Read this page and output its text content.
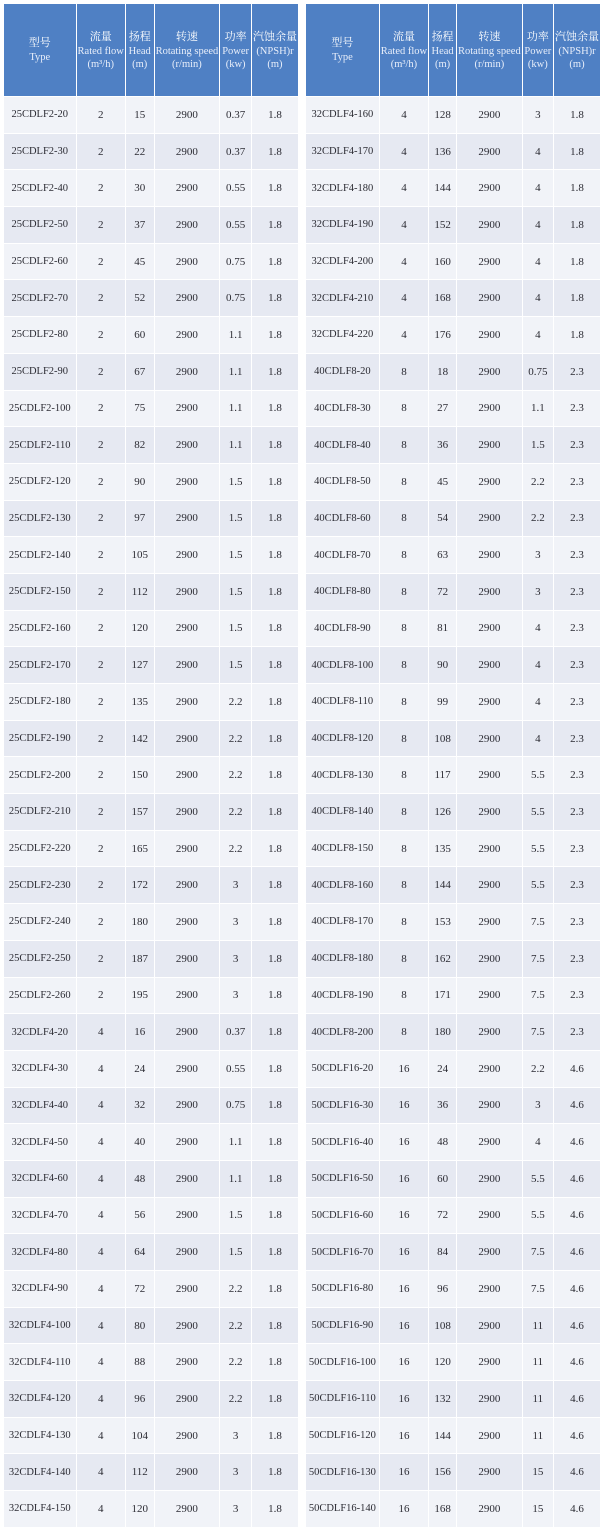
型号
Type	流量
Rated flow
(m³/h)	扬程
Head
(m)	转速
Rotating speed
(r/min)	功率
Power
(kw)	汽蚀余量
(NPSH)r
(m)

25CDLF2-20	2	15	2900	0.37	1.8
25CDLF2-30	2	22	2900	0.37	1.8
25CDLF2-40	2	30	2900	0.55	1.8
25CDLF2-50	2	37	2900	0.55	1.8
25CDLF2-60	2	45	2900	0.75	1.8
25CDLF2-70	2	52	2900	0.75	1.8
25CDLF2-80	2	60	2900	1.1	1.8
25CDLF2-90	2	67	2900	1.1	1.8
25CDLF2-100	2	75	2900	1.1	1.8
25CDLF2-110	2	82	2900	1.1	1.8
25CDLF2-120	2	90	2900	1.5	1.8
25CDLF2-130	2	97	2900	1.5	1.8
25CDLF2-140	2	105	2900	1.5	1.8
25CDLF2-150	2	112	2900	1.5	1.8
25CDLF2-160	2	120	2900	1.5	1.8
25CDLF2-170	2	127	2900	1.5	1.8
25CDLF2-180	2	135	2900	2.2	1.8
25CDLF2-190	2	142	2900	2.2	1.8
25CDLF2-200	2	150	2900	2.2	1.8
25CDLF2-210	2	157	2900	2.2	1.8
25CDLF2-220	2	165	2900	2.2	1.8
25CDLF2-230	2	172	2900	3	1.8
25CDLF2-240	2	180	2900	3	1.8
25CDLF2-250	2	187	2900	3	1.8
25CDLF2-260	2	195	2900	3	1.8
32CDLF4-20	4	16	2900	0.37	1.8
32CDLF4-30	4	24	2900	0.55	1.8
32CDLF4-40	4	32	2900	0.75	1.8
32CDLF4-50	4	40	2900	1.1	1.8
32CDLF4-60	4	48	2900	1.1	1.8
32CDLF4-70	4	56	2900	1.5	1.8
32CDLF4-80	4	64	2900	1.5	1.8
32CDLF4-90	4	72	2900	2.2	1.8
32CDLF4-100	4	80	2900	2.2	1.8
32CDLF4-110	4	88	2900	2.2	1.8
32CDLF4-120	4	96	2900	2.2	1.8
32CDLF4-130	4	104	2900	3	1.8
32CDLF4-140	4	112	2900	3	1.8
32CDLF4-150	4	120	2900	3	1.8
型号
Type	流量
Rated flow
(m³/h)	扬程
Head
(m)	转速
Rotating speed
(r/min)	功率
Power
(kw)	汽蚀余量
(NPSH)r
(m)

32CDLF4-160	4	128	2900	3	1.8
32CDLF4-170	4	136	2900	4	1.8
32CDLF4-180	4	144	2900	4	1.8
32CDLF4-190	4	152	2900	4	1.8
32CDLF4-200	4	160	2900	4	1.8
32CDLF4-210	4	168	2900	4	1.8
32CDLF4-220	4	176	2900	4	1.8
40CDLF8-20	8	18	2900	0.75	2.3
40CDLF8-30	8	27	2900	1.1	2.3
40CDLF8-40	8	36	2900	1.5	2.3
40CDLF8-50	8	45	2900	2.2	2.3
40CDLF8-60	8	54	2900	2.2	2.3
40CDLF8-70	8	63	2900	3	2.3
40CDLF8-80	8	72	2900	3	2.3
40CDLF8-90	8	81	2900	4	2.3
40CDLF8-100	8	90	2900	4	2.3
40CDLF8-110	8	99	2900	4	2.3
40CDLF8-120	8	108	2900	4	2.3
40CDLF8-130	8	117	2900	5.5	2.3
40CDLF8-140	8	126	2900	5.5	2.3
40CDLF8-150	8	135	2900	5.5	2.3
40CDLF8-160	8	144	2900	5.5	2.3
40CDLF8-170	8	153	2900	7.5	2.3
40CDLF8-180	8	162	2900	7.5	2.3
40CDLF8-190	8	171	2900	7.5	2.3
40CDLF8-200	8	180	2900	7.5	2.3
50CDLF16-20	16	24	2900	2.2	4.6
50CDLF16-30	16	36	2900	3	4.6
50CDLF16-40	16	48	2900	4	4.6
50CDLF16-50	16	60	2900	5.5	4.6
50CDLF16-60	16	72	2900	5.5	4.6
50CDLF16-70	16	84	2900	7.5	4.6
50CDLF16-80	16	96	2900	7.5	4.6
50CDLF16-90	16	108	2900	11	4.6
50CDLF16-100	16	120	2900	11	4.6
50CDLF16-110	16	132	2900	11	4.6
50CDLF16-120	16	144	2900	11	4.6
50CDLF16-130	16	156	2900	15	4.6
50CDLF16-140	16	168	2900	15	4.6
